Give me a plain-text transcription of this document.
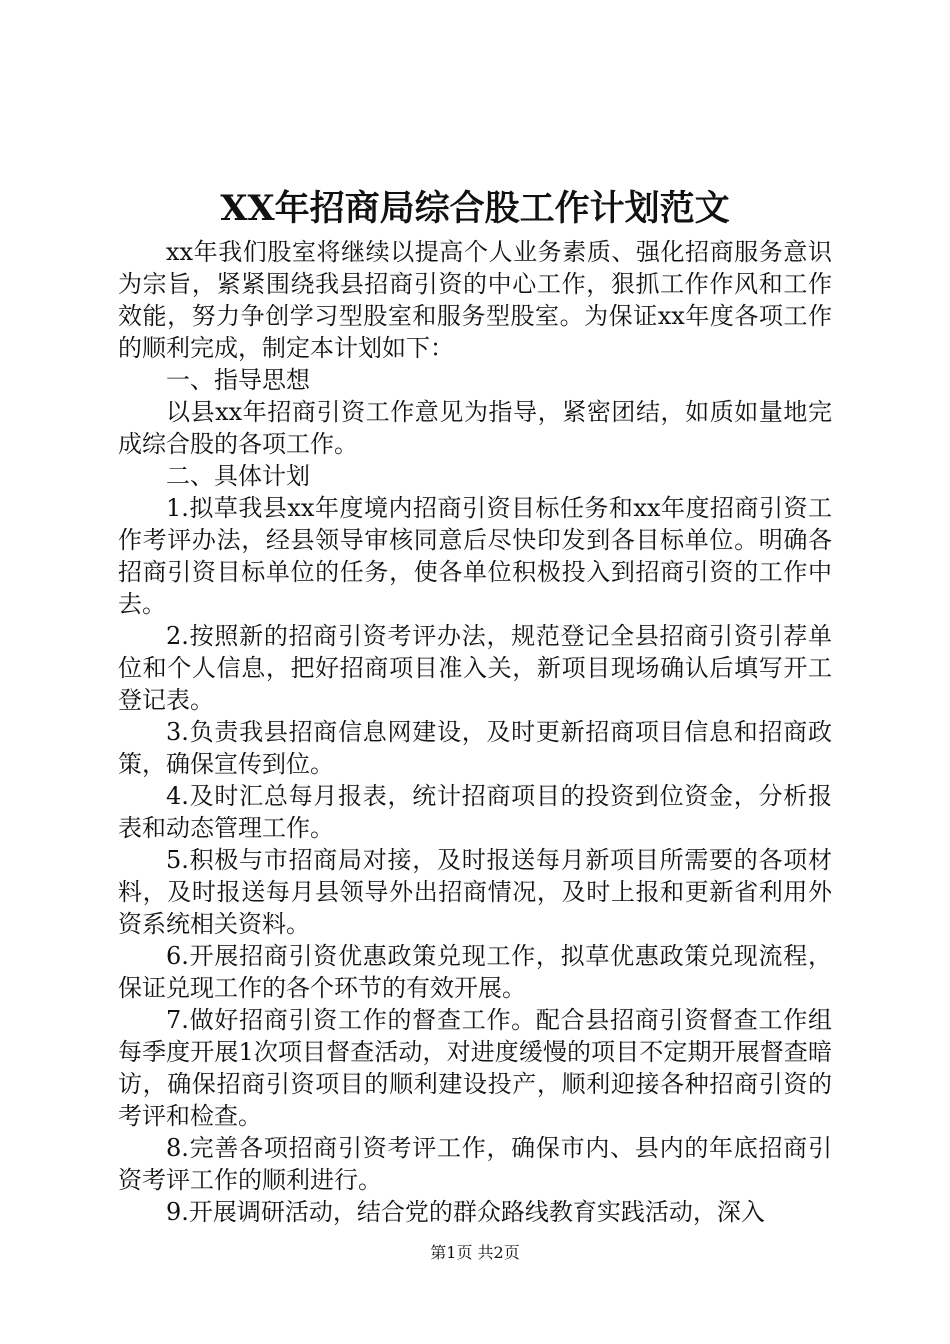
XX年招商局综合股工作计划范文

xx年我们股室将继续以提高个人业务素质、强化招商服务意识为宗旨，紧紧围绕我县招商引资的中心工作，狠抓工作作风和工作效能，努力争创学习型股室和服务型股室。为保证xx年度各项工作的顺利完成，制定本计划如下：

一、指导思想

以县xx年招商引资工作意见为指导，紧密团结，如质如量地完成综合股的各项工作。

二、具体计划

1.拟草我县xx年度境内招商引资目标任务和xx年度招商引资工作考评办法，经县领导审核同意后尽快印发到各目标单位。明确各招商引资目标单位的任务，使各单位积极投入到招商引资的工作中去。

2.按照新的招商引资考评办法，规范登记全县招商引资引荐单位和个人信息，把好招商项目准入关，新项目现场确认后填写开工登记表。

3.负责我县招商信息网建设，及时更新招商项目信息和招商政策，确保宣传到位。

4.及时汇总每月报表，统计招商项目的投资到位资金，分析报表和动态管理工作。

5.积极与市招商局对接，及时报送每月新项目所需要的各项材料，及时报送每月县领导外出招商情况，及时上报和更新省利用外资系统相关资料。

6.开展招商引资优惠政策兑现工作，拟草优惠政策兑现流程，保证兑现工作的各个环节的有效开展。

7.做好招商引资工作的督查工作。配合县招商引资督查工作组每季度开展1次项目督查活动，对进度缓慢的项目不定期开展督查暗访，确保招商引资项目的顺利建设投产，顺利迎接各种招商引资的考评和检查。

8.完善各项招商引资考评工作，确保市内、县内的年底招商引资考评工作的顺利进行。

9.开展调研活动，结合党的群众路线教育实践活动，深入

第1页 共2页
